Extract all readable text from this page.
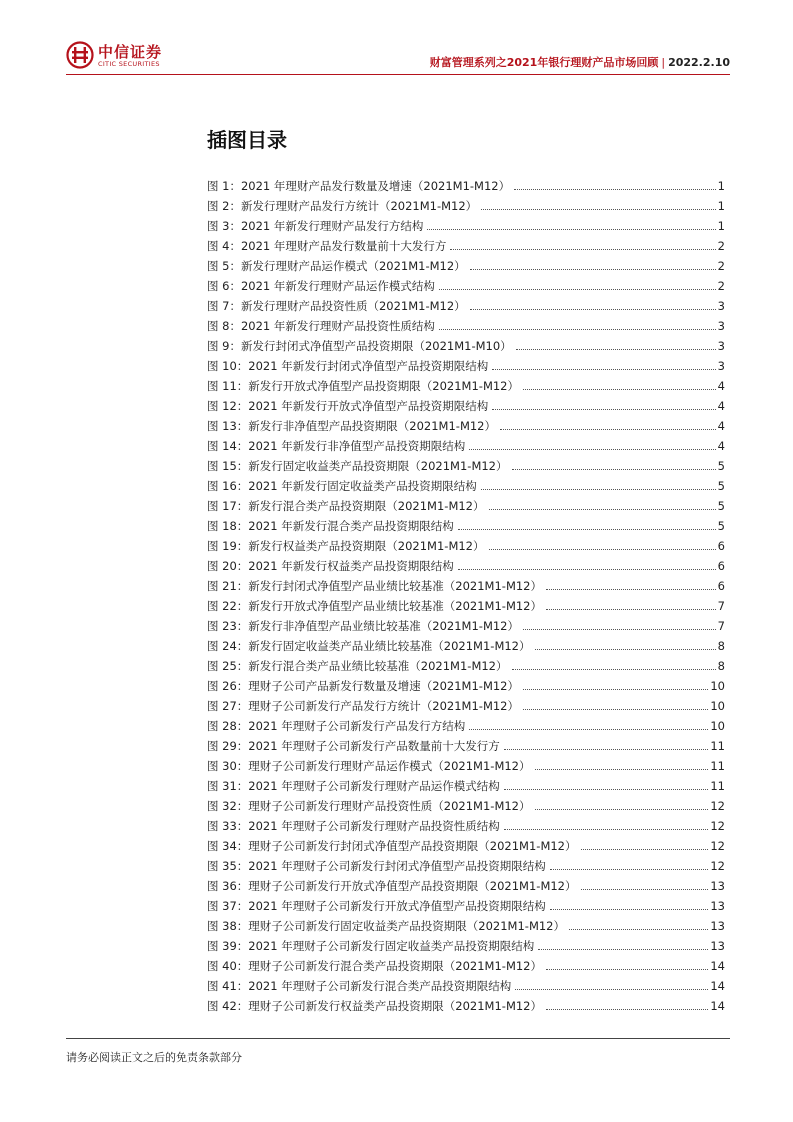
中信证券
CITIC SECURITIES	财富管理系列之2021年银行理财产品市场回顾 | 2022.2.10
插图目录
图 1：2021 年理财产品发行数量及增速（2021M1-M12）	1
图 2：新发行理财产品发行方统计（2021M1-M12）	1
图 3：2021 年新发行理财产品发行方结构	1
图 4：2021 年理财产品发行数量前十大发行方	2
图 5：新发行理财产品运作模式（2021M1-M12）	2
图 6：2021 年新发行理财产品运作模式结构	2
图 7：新发行理财产品投资性质（2021M1-M12）	3
图 8：2021 年新发行理财产品投资性质结构	3
图 9：新发行封闭式净值型产品投资期限（2021M1-M10）	3
图 10：2021 年新发行封闭式净值型产品投资期限结构	3
图 11：新发行开放式净值型产品投资期限（2021M1-M12）	4
图 12：2021 年新发行开放式净值型产品投资期限结构	4
图 13：新发行非净值型产品投资期限（2021M1-M12）	4
图 14：2021 年新发行非净值型产品投资期限结构	4
图 15：新发行固定收益类产品投资期限（2021M1-M12）	5
图 16：2021 年新发行固定收益类产品投资期限结构	5
图 17：新发行混合类产品投资期限（2021M1-M12）	5
图 18：2021 年新发行混合类产品投资期限结构	5
图 19：新发行权益类产品投资期限（2021M1-M12）	6
图 20：2021 年新发行权益类产品投资期限结构	6
图 21：新发行封闭式净值型产品业绩比较基准（2021M1-M12）	6
图 22：新发行开放式净值型产品业绩比较基准（2021M1-M12）	7
图 23：新发行非净值型产品业绩比较基准（2021M1-M12）	7
图 24：新发行固定收益类产品业绩比较基准（2021M1-M12）	8
图 25：新发行混合类产品业绩比较基准（2021M1-M12）	8
图 26：理财子公司产品新发行数量及增速（2021M1-M12）	10
图 27：理财子公司新发行产品发行方统计（2021M1-M12）	10
图 28：2021 年理财子公司新发行产品发行方结构	10
图 29：2021 年理财子公司新发行产品数量前十大发行方	11
图 30：理财子公司新发行理财产品运作模式（2021M1-M12）	11
图 31：2021 年理财子公司新发行理财产品运作模式结构	11
图 32：理财子公司新发行理财产品投资性质（2021M1-M12）	12
图 33：2021 年理财子公司新发行理财产品投资性质结构	12
图 34：理财子公司新发行封闭式净值型产品投资期限（2021M1-M12）	12
图 35：2021 年理财子公司新发行封闭式净值型产品投资期限结构	12
图 36：理财子公司新发行开放式净值型产品投资期限（2021M1-M12）	13
图 37：2021 年理财子公司新发行开放式净值型产品投资期限结构	13
图 38：理财子公司新发行固定收益类产品投资期限（2021M1-M12）	13
图 39：2021 年理财子公司新发行固定收益类产品投资期限结构	13
图 40：理财子公司新发行混合类产品投资期限（2021M1-M12）	14
图 41：2021 年理财子公司新发行混合类产品投资期限结构	14
图 42：理财子公司新发行权益类产品投资期限（2021M1-M12）	14
请务必阅读正文之后的免责条款部分
